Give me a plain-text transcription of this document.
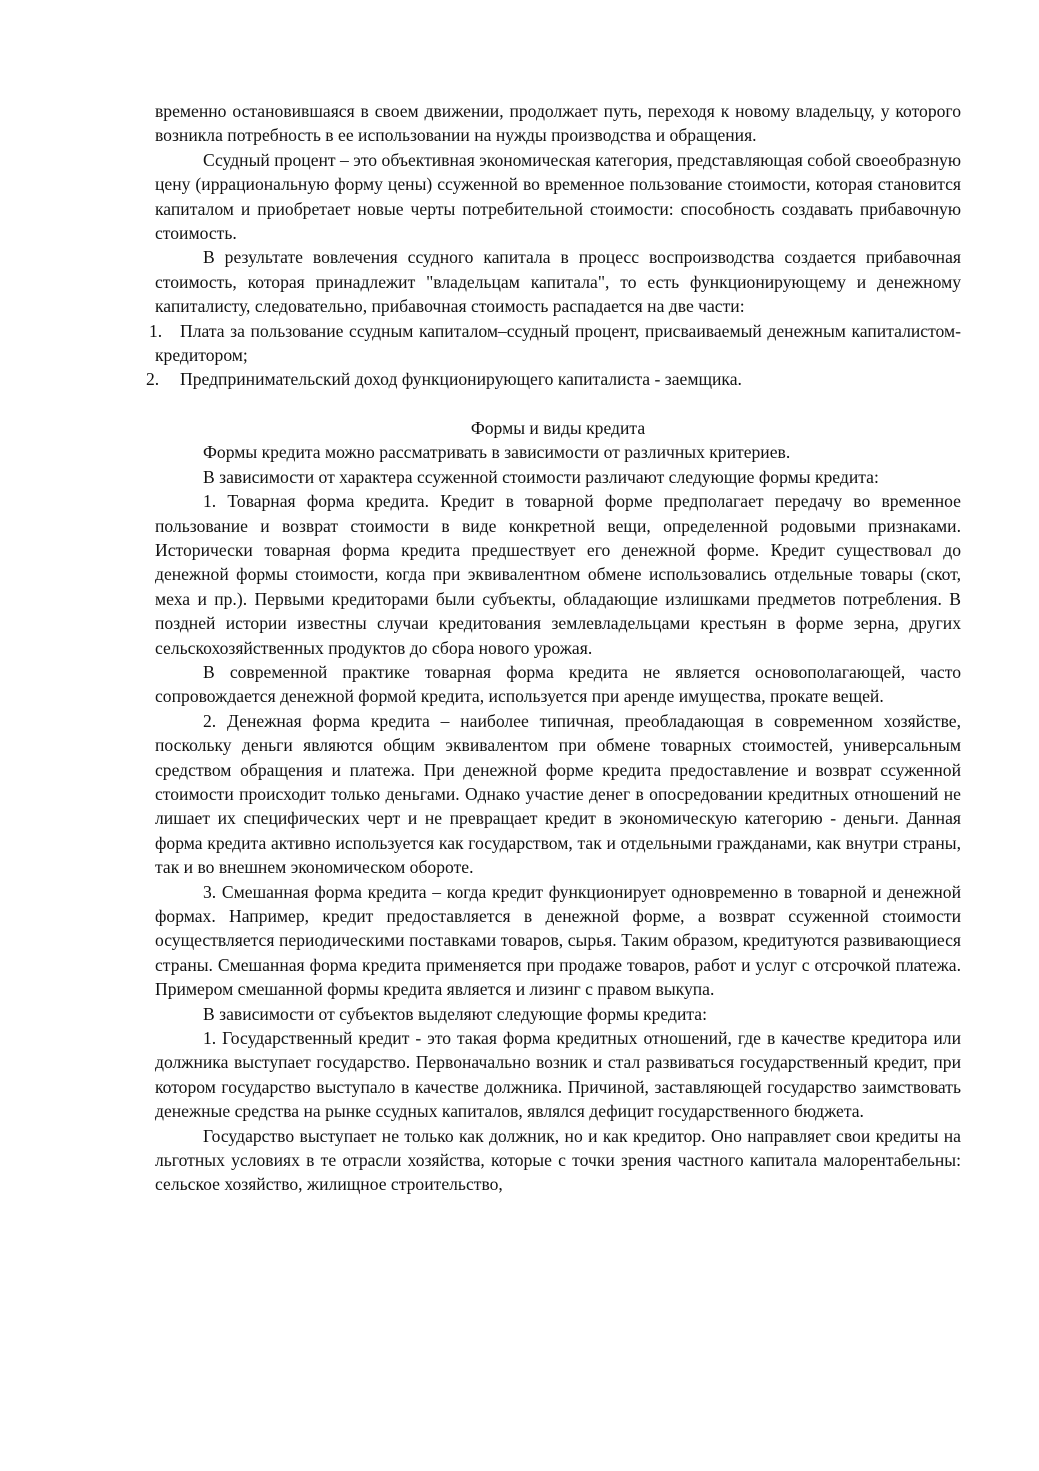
временно остановившаяся в своем движении, продолжает путь, переходя к новому владельцу, у которого возникла потребность в ее использовании на нужды производства и обращения.

Ссудный процент – это объективная экономическая категория, представляющая собой своеобразную цену (иррациональную форму цены) ссуженной во временное пользование стоимости, которая становится капиталом и приобретает новые черты потребительной стоимости: способность создавать прибавочную стоимость.

В результате вовлечения ссудного капитала в процесс воспроизводства создается прибавочная стоимость, которая принадлежит "владельцам капитала", то есть функционирующему и денежному капиталисту, следовательно, прибавочная стоимость распадается на две части:

1. Плата за пользование ссудным капиталом–ссудный процент, присваиваемый денежным капиталистом-кредитором;
2. Предпринимательский доход функционирующего капиталиста - заемщика.

Формы и виды кредита

Формы кредита можно рассматривать в зависимости от различных критериев.

В зависимости от характера ссуженной стоимости различают следующие формы кредита:

1. Товарная форма кредита. Кредит в товарной форме предполагает передачу во временное пользование и возврат стоимости в виде конкретной вещи, определенной родовыми признаками. Исторически товарная форма кредита предшествует его денежной форме. Кредит существовал до денежной формы стоимости, когда при эквивалентном обмене использовались отдельные товары (скот, меха и пр.). Первыми кредиторами были субъекты, обладающие излишками предметов потребления. В поздней истории известны случаи кредитования землевладельцами крестьян в форме зерна, других сельскохозяйственных продуктов до сбора нового урожая.

В современной практике товарная форма кредита не является основополагающей, часто сопровождается денежной формой кредита, используется при аренде имущества, прокате вещей.

2. Денежная форма кредита – наиболее типичная, преобладающая в современном хозяйстве, поскольку деньги являются общим эквивалентом при обмене товарных стоимостей, универсальным средством обращения и платежа. При денежной форме кредита предоставление и возврат ссуженной стоимости происходит только деньгами. Однако участие денег в опосредовании кредитных отношений не лишает их специфических черт и не превращает кредит в экономическую категорию - деньги. Данная форма кредита активно используется как государством, так и отдельными гражданами, как внутри страны, так и во внешнем экономическом обороте.

3. Смешанная форма кредита – когда кредит функционирует одновременно в товарной и денежной формах. Например, кредит предоставляется в денежной форме, а возврат ссуженной стоимости осуществляется периодическими поставками товаров, сырья. Таким образом, кредитуются развивающиеся страны. Смешанная форма кредита применяется при продаже товаров, работ и услуг с отсрочкой платежа. Примером смешанной формы кредита является и лизинг с правом выкупа.

В зависимости от субъектов выделяют следующие формы кредита:

1. Государственный кредит - это такая форма кредитных отношений, где в качестве кредитора или должника выступает государство. Первоначально возник и стал развиваться государственный кредит, при котором государство выступало в качестве должника. Причиной, заставляющей государство заимствовать денежные средства на рынке ссудных капиталов, являлся дефицит государственного бюджета.

Государство выступает не только как должник, но и как кредитор. Оно направляет свои кредиты на льготных условиях в те отрасли хозяйства, которые с точки зрения частного капитала малорентабельны: сельское хозяйство, жилищное строительство,
